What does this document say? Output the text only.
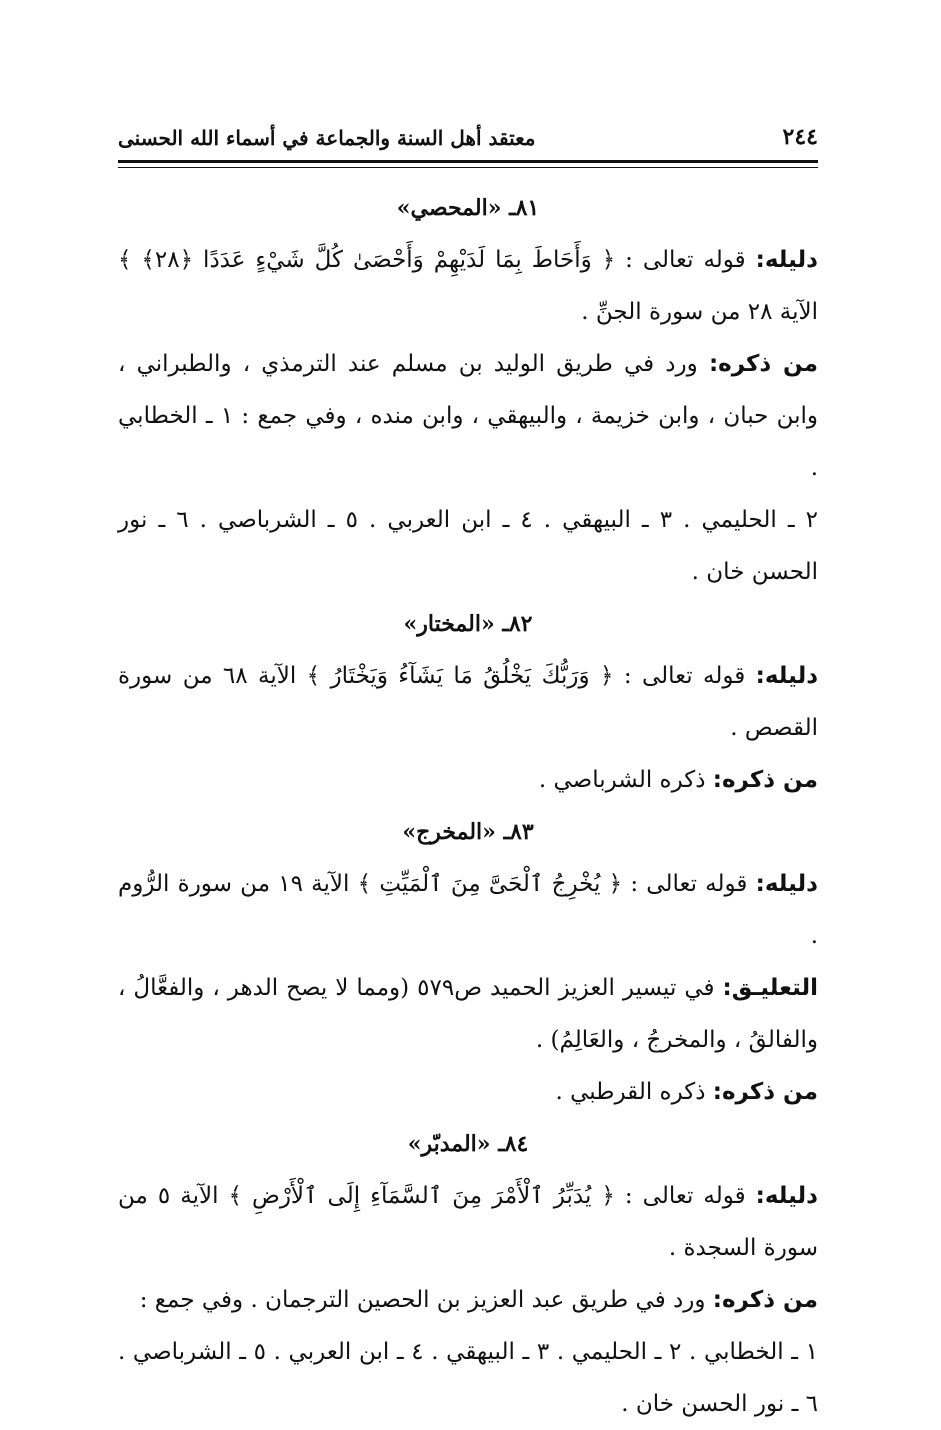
٢٤٤
معتقد أهل السنة والجماعة في أسماء الله الحسنى
٨١ـ «المحصي»

دليله: قوله تعالى : ﴿ وَأَحَاطَ بِمَا لَدَيْهِمْ وَأَحْصَىٰ كُلَّ شَيْءٍ عَدَدًا ﴿٢٨﴾ ﴾ الآية ٢٨ من سورة الجنِّ .

من ذكره: ورد في طريق الوليد بن مسلم عند الترمذي ، والطبراني ، وابن حبان ، وابن خزيمة ، والبيهقي ، وابن منده ، وفي جمع : ١ ـ الخطابي .

٢ ـ الحليمي . ٣ ـ البيهقي . ٤ ـ ابن العربي . ٥ ـ الشرباصي . ٦ ـ نور الحسن خان .

٨٢ـ «المختار»

دليله: قوله تعالى : ﴿ وَرَبُّكَ يَخْلُقُ مَا يَشَآءُ وَيَخْتَارُ ﴾ الآية ٦٨ من سورة القصص .

من ذكره: ذكره الشرباصي .

٨٣ـ «المخرج»

دليله: قوله تعالى : ﴿ يُخْرِجُ ٱلْحَىَّ مِنَ ٱلْمَيِّتِ ﴾ الآية ١٩ من سورة الرُّوم .

التعليـق: في تيسير العزيز الحميد ص٥٧٩ (ومما لا يصح الدهر ، والفعَّالُ ، والفالقُ ، والمخرجُ ، والعَالِمُ) .

من ذكره: ذكره القرطبي .

٨٤ـ «المدبّر»

دليله: قوله تعالى : ﴿ يُدَبِّرُ ٱلْأَمْرَ مِنَ ٱلسَّمَآءِ إِلَى ٱلْأَرْضِ ﴾ الآية ٥ من سورة السجدة .

من ذكره: ورد في طريق عبد العزيز بن الحصين الترجمان . وفي جمع :

١ ـ الخطابي . ٢ ـ الحليمي . ٣ ـ البيهقي . ٤ ـ ابن العربي . ٥ ـ الشرباصي . ٦ ـ نور الحسن خان .
